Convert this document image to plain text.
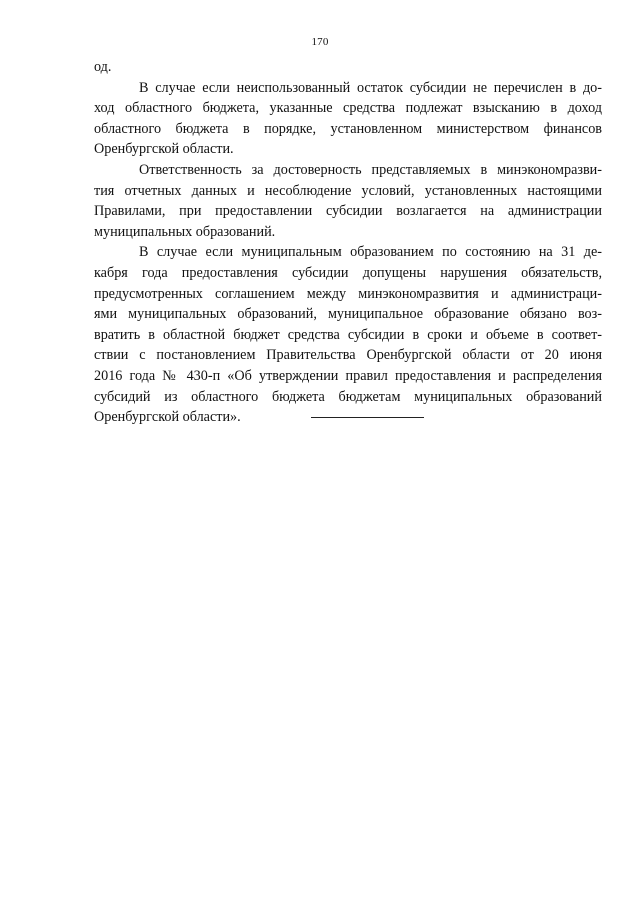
170
од.
В случае если неиспользованный остаток субсидии не перечислен в до-
ход областного бюджета, указанные средства подлежат взысканию в доход
областного бюджета в порядке, установленном министерством финансов
Оренбургской области.
Ответственность за достоверность представляемых в минэкономразви-
тия отчетных данных и несоблюдение условий, установленных настоящими
Правилами, при предоставлении субсидии возлагается на администрации
муниципальных образований.
В случае если муниципальным образованием по состоянию на 31 де-
кабря года предоставления субсидии допущены нарушения обязательств,
предусмотренных соглашением между минэкономразвития и администраци-
ями муниципальных образований, муниципальное образование обязано воз-
вратить в областной бюджет средства субсидии в сроки и объеме в соответ-
ствии с постановлением Правительства Оренбургской области от 20 июня
2016 года № 430-п «Об утверждении правил предоставления и распределения
субсидий из областного бюджета бюджетам муниципальных образований
Оренбургской области».
